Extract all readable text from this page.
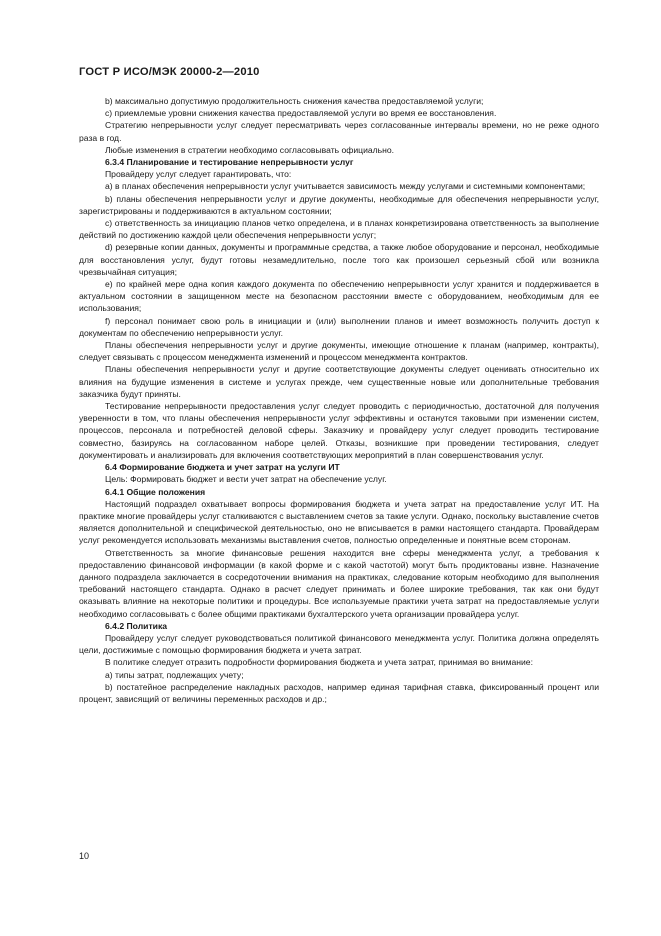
ГОСТ Р ИСО/МЭК 20000-2—2010

b) максимально допустимую продолжительность снижения качества предоставляемой услуги;

c) приемлемые уровни снижения качества предоставляемой услуги во время ее восстановления.

Стратегию непрерывности услуг следует пересматривать через согласованные интервалы времени, но не реже одного раза в год.

Любые изменения в стратегии необходимо согласовывать официально.

6.3.4 Планирование и тестирование непрерывности услуг

Провайдеру услуг следует гарантировать, что:

a) в планах обеспечения непрерывности услуг учитывается зависимость между услугами и системными компонентами;

b) планы обеспечения непрерывности услуг и другие документы, необходимые для обеспечения непрерывности услуг, зарегистрированы и поддерживаются в актуальном состоянии;

c) ответственность за инициацию планов четко определена, и в планах конкретизирована ответственность за выполнение действий по достижению каждой цели обеспечения непрерывности услуг;

d) резервные копии данных, документы и программные средства, а также любое оборудование и персонал, необходимые для восстановления услуг, будут готовы незамедлительно, после того как произошел серьезный сбой или возникла чрезвычайная ситуация;

e) по крайней мере одна копия каждого документа по обеспечению непрерывности услуг хранится и поддерживается в актуальном состоянии в защищенном месте на безопасном расстоянии вместе с оборудованием, необходимым для ее использования;

f) персонал понимает свою роль в инициации и (или) выполнении планов и имеет возможность получить доступ к документам по обеспечению непрерывности услуг.

Планы обеспечения непрерывности услуг и другие документы, имеющие отношение к планам (например, контракты), следует связывать с процессом менеджмента изменений и процессом менеджмента контрактов.

Планы обеспечения непрерывности услуг и другие соответствующие документы следует оценивать относительно их влияния на будущие изменения в системе и услугах прежде, чем существенные новые или дополнительные требования заказчика будут приняты.

Тестирование непрерывности предоставления услуг следует проводить с периодичностью, достаточной для получения уверенности в том, что планы обеспечения непрерывности услуг эффективны и останутся таковыми при изменении систем, процессов, персонала и потребностей деловой сферы. Заказчику и провайдеру услуг следует проводить тестирование совместно, базируясь на согласованном наборе целей. Отказы, возникшие при проведении тестирования, следует документировать и анализировать для включения соответствующих мероприятий в план совершенствования услуг.

6.4 Формирование бюджета и учет затрат на услуги ИТ

Цель: Формировать бюджет и вести учет затрат на обеспечение услуг.

6.4.1 Общие положения

Настоящий подраздел охватывает вопросы формирования бюджета и учета затрат на предоставление услуг ИТ. На практике многие провайдеры услуг сталкиваются с выставлением счетов за такие услуги. Однако, поскольку выставление счетов является дополнительной и специфической деятельностью, оно не вписывается в рамки настоящего стандарта. Провайдерам услуг рекомендуется использовать механизмы выставления счетов, полностью определенные и понятные всем сторонам.

Ответственность за многие финансовые решения находится вне сферы менеджмента услуг, а требования к предоставлению финансовой информации (в какой форме и с какой частотой) могут быть продиктованы извне. Назначение данного подраздела заключается в сосредоточении внимания на практиках, следование которым необходимо для выполнения требований настоящего стандарта. Однако в расчет следует принимать и более широкие требования, так как они будут оказывать влияние на некоторые политики и процедуры. Все используемые практики учета затрат на предоставляемые услуги необходимо согласовывать с более общими практиками бухгалтерского учета организации провайдера услуг.

6.4.2 Политика

Провайдеру услуг следует руководствоваться политикой финансового менеджмента услуг. Политика должна определять цели, достижимые с помощью формирования бюджета и учета затрат.

В политике следует отразить подробности формирования бюджета и учета затрат, принимая во внимание:

a) типы затрат, подлежащих учету;

b) постатейное распределение накладных расходов, например единая тарифная ставка, фиксированный процент или процент, зависящий от величины переменных расходов и др.;

10
